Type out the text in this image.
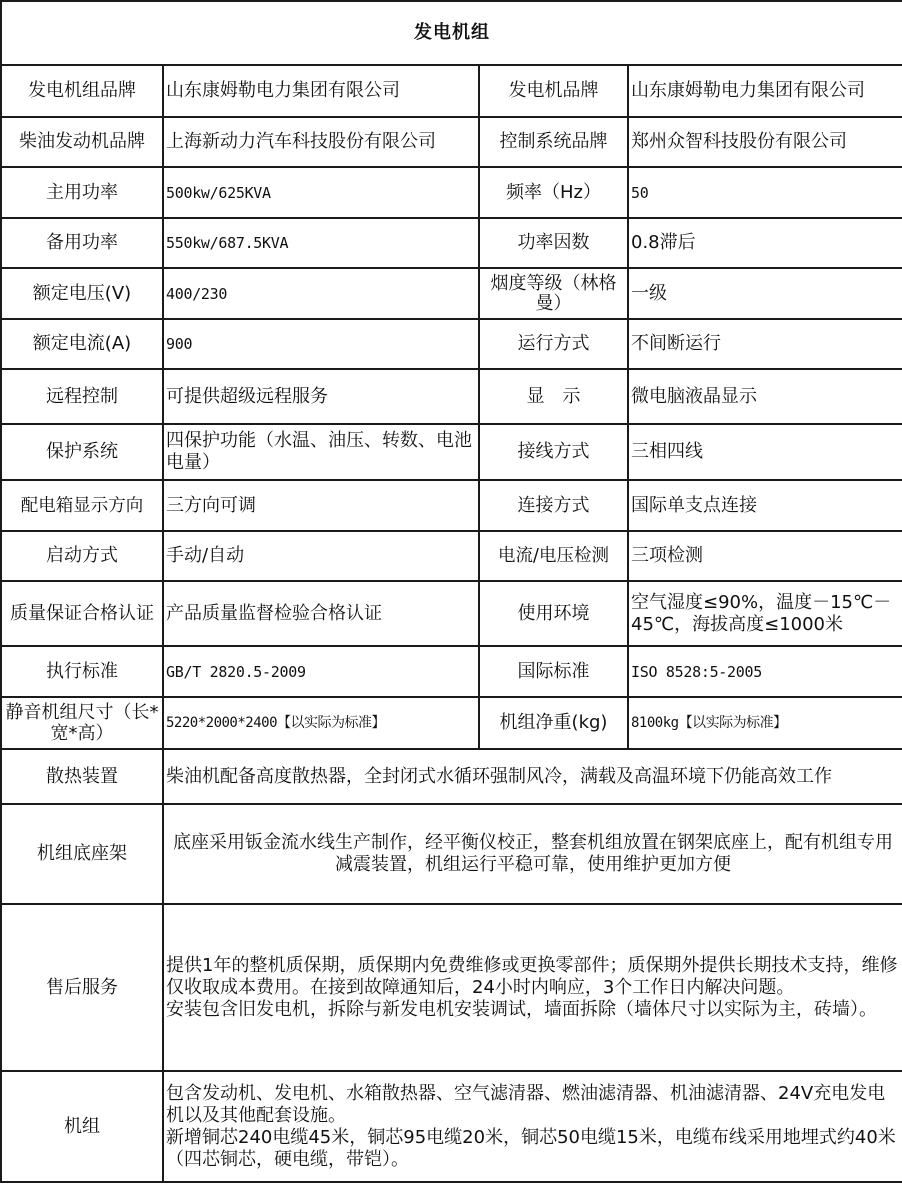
发电机组			
发电机组品牌	山东康姆勒电力集团有限公司	发电机品牌	山东康姆勒电力集团有限公司
柴油发动机品牌	上海新动力汽车科技股份有限公司	控制系统品牌	郑州众智科技股份有限公司
主用功率	500kw/625KVA	频率（Hz）	50
备用功率	550kw/687.5KVA	功率因数	0.8滞后
额定电压(V)	400/230	烟度等级（林格曼）	一级
额定电流(A)	900	运行方式	不间断运行
远程控制	可提供超级远程服务	显　示	微电脑液晶显示
保护系统	四保护功能（水温、油压、转数、电池电量）	接线方式	三相四线
配电箱显示方向	三方向可调	连接方式	国际单支点连接
启动方式	手动/自动	电流/电压检测	三项检测
质量保证合格认证	产品质量监督检验合格认证	使用环境	空气湿度≤90%，温度－15℃－45℃，海拔高度≤1000米
执行标准	GB/T 2820.5-2009	国际标准	ISO 8528:5-2005
静音机组尺寸（长*宽*高）	5220*2000*2400【以实际为标准】	机组净重(kg)	8100kg【以实际为标准】
散热装置	柴油机配备高度散热器，全封闭式水循环强制风冷，满载及高温环境下仍能高效工作		

机组底座架	底座采用钣金流水线生产制作，经平衡仪校正，整套机组放置在钢架底座上，配有机组专用减震装置，机组运行平稳可靠，使用维护更加方便		

售后服务	提供1年的整机质保期，质保期内免费维修或更换零部件；质保期外提供长期技术支持，维修仅收取成本费用。在接到故障通知后，24小时内响应，3个工作日内解决问题。
安装包含旧发电机，拆除与新发电机安装调试，墙面拆除（墙体尺寸以实际为主，砖墙）。		

机组	包含发动机、发电机、水箱散热器、空气滤清器、燃油滤清器、机油滤清器、24V充电发电机以及其他配套设施。
新增铜芯240电缆45米，铜芯95电缆20米，铜芯50电缆15米，电缆布线采用地埋式约40米（四芯铜芯，硬电缆，带铠）。		
